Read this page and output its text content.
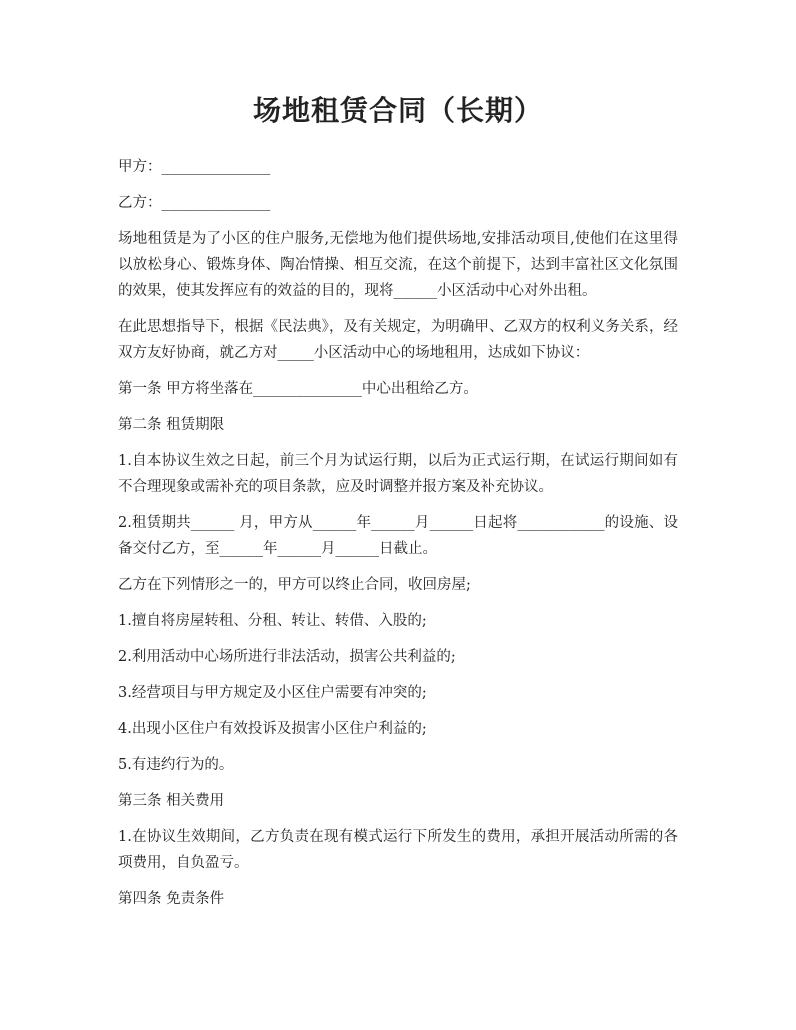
场地租赁合同（长期）

甲方：_______________

乙方：_______________

场地租赁是为了小区的住户服务,无偿地为他们提供场地,安排活动项目,使他们在这里得以放松身心、锻炼身体、陶冶情操、相互交流，在这个前提下，达到丰富社区文化氛围的效果，使其发挥应有的效益的目的，现将______小区活动中心对外出租。

在此思想指导下，根据《民法典》，及有关规定，为明确甲、乙双方的权利义务关系，经双方友好协商，就乙方对_____小区活动中心的场地租用，达成如下协议：

第一条 甲方将坐落在_______________中心出租给乙方。

第二条 租赁期限

1.自本协议生效之日起，前三个月为试运行期，以后为正式运行期，在试运行期间如有不合理现象或需补充的项目条款，应及时调整并报方案及补充协议。

2.租赁期共______ 月，甲方从______年______月______日起将____________的设施、设备交付乙方，至______年______月______日截止。

乙方在下列情形之一的，甲方可以终止合同，收回房屋;

1.擅自将房屋转租、分租、转让、转借、入股的;

2.利用活动中心场所进行非法活动，损害公共利益的;

3.经营项目与甲方规定及小区住户需要有冲突的;

4.出现小区住户有效投诉及损害小区住户利益的;

5.有违约行为的。

第三条 相关费用

1.在协议生效期间，乙方负责在现有模式运行下所发生的费用，承担开展活动所需的各项费用，自负盈亏。

第四条 免责条件
